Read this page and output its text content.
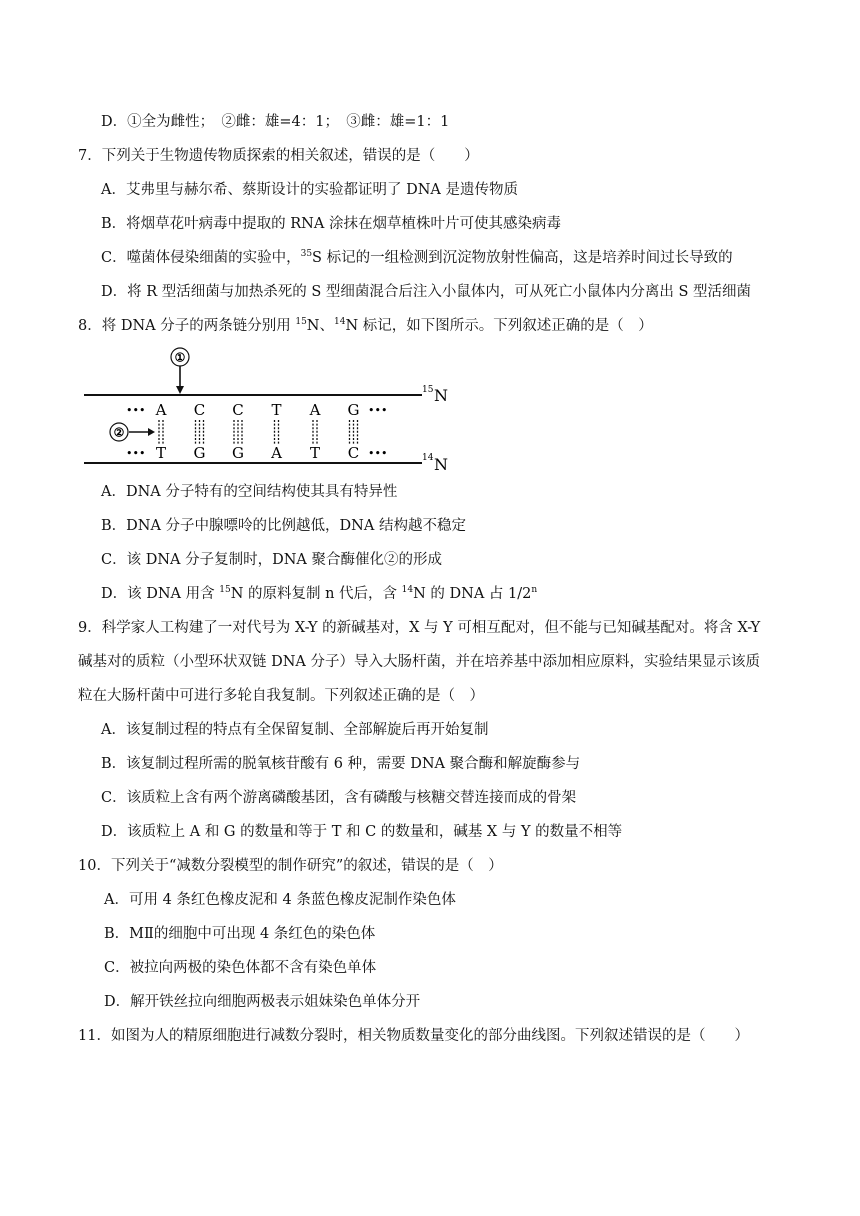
D．①全为雌性；　②雌：雄=4：1；　③雌：雄=1：1
7．下列关于生物遗传物质探索的相关叙述，错误的是（　　）
A．艾弗里与赫尔希、蔡斯设计的实验都证明了 DNA 是遗传物质
B．将烟草花叶病毒中提取的 RNA 涂抹在烟草植株叶片可使其感染病毒
C．噬菌体侵染细菌的实验中，$^{35}$S 标记的一组检测到沉淀物放射性偏高，这是培养时间过长导致的
D．将 R 型活细菌与加热杀死的 S 型细菌混合后注入小鼠体内，可从死亡小鼠体内分离出 S 型活细菌
8．将 DNA 分子的两条链分别用 $^{15}$N、$^{14}$N 标记，如下图所示。下列叙述正确的是（　）
①
15 N
14 N
•••	•••
•••	•••
A C C T A G
T G G A T C
②
A．DNA 分子特有的空间结构使其具有特异性
B．DNA 分子中腺嘌呤的比例越低，DNA 结构越不稳定
C．该 DNA 分子复制时，DNA 聚合酶催化②的形成
D．该 DNA 用含 $^{15}$N 的原料复制 n 代后，含 $^{14}$N 的 DNA 占 1/2$^n$
9．科学家人工构建了一对代号为 X-Y 的新碱基对，X 与 Y 可相互配对，但不能与已知碱基配对。将含 X-Y
碱基对的质粒（小型环状双链 DNA 分子）导入大肠杆菌，并在培养基中添加相应原料，实验结果显示该质
粒在大肠杆菌中可进行多轮自我复制。下列叙述正确的是（　）
A．该复制过程的特点有全保留复制、全部解旋后再开始复制
B．该复制过程所需的脱氧核苷酸有 6 种，需要 DNA 聚合酶和解旋酶参与
C．该质粒上含有两个游离磷酸基团，含有磷酸与核糖交替连接而成的骨架
D．该质粒上 A 和 G 的数量和等于 T 和 C 的数量和，碱基 X 与 Y 的数量不相等
10．下列关于“减数分裂模型的制作研究”的叙述，错误的是（　）
A．可用 4 条红色橡皮泥和 4 条蓝色橡皮泥制作染色体
B．MⅡ的细胞中可出现 4 条红色的染色体
C．被拉向两极的染色体都不含有染色单体
D．解开铁丝拉向细胞两极表示姐妹染色单体分开
11．如图为人的精原细胞进行减数分裂时，相关物质数量变化的部分曲线图。下列叙述错误的是（　　）
